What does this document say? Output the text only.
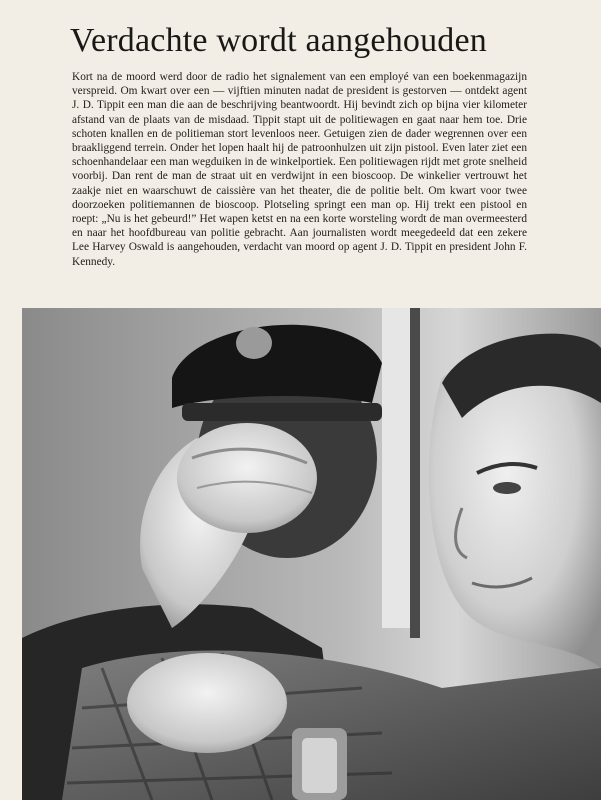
Verdachte wordt aangehouden

Kort na de moord werd door de radio het signalement van een employé van een boekenmagazijn verspreid. Om kwart over een — vijftien minuten nadat de president is gestorven — ontdekt agent J. D. Tippit een man die aan de beschrijving beantwoordt. Hij bevindt zich op bijna vier kilometer afstand van de plaats van de misdaad. Tippit stapt uit de politiewagen en gaat naar hem toe. Drie schoten knallen en de politieman stort levenloos neer. Getuigen zien de dader wegrennen over een braakliggend terrein. Onder het lopen haalt hij de patroonhulzen uit zijn pistool. Even later ziet een schoenhandelaar een man wegduiken in de winkelportiek. Een politiewagen rijdt met grote snelheid voorbij. Dan rent de man de straat uit en verdwijnt in een bioscoop. De winkelier vertrouwt het zaakje niet en waarschuwt de caissière van het theater, die de politie belt. Om kwart voor twee doorzoeken politiemannen de bioscoop. Plotseling springt een man op. Hij trekt een pistool en roept: „Nu is het gebeurd!” Het wapen ketst en na een korte worsteling wordt de man overmeesterd en naar het hoofdbureau van politie gebracht. Aan journalisten wordt meegedeeld dat een zekere Lee Harvey Oswald is aangehouden, verdacht van moord op agent J. D. Tippit en president John F. Kennedy.
